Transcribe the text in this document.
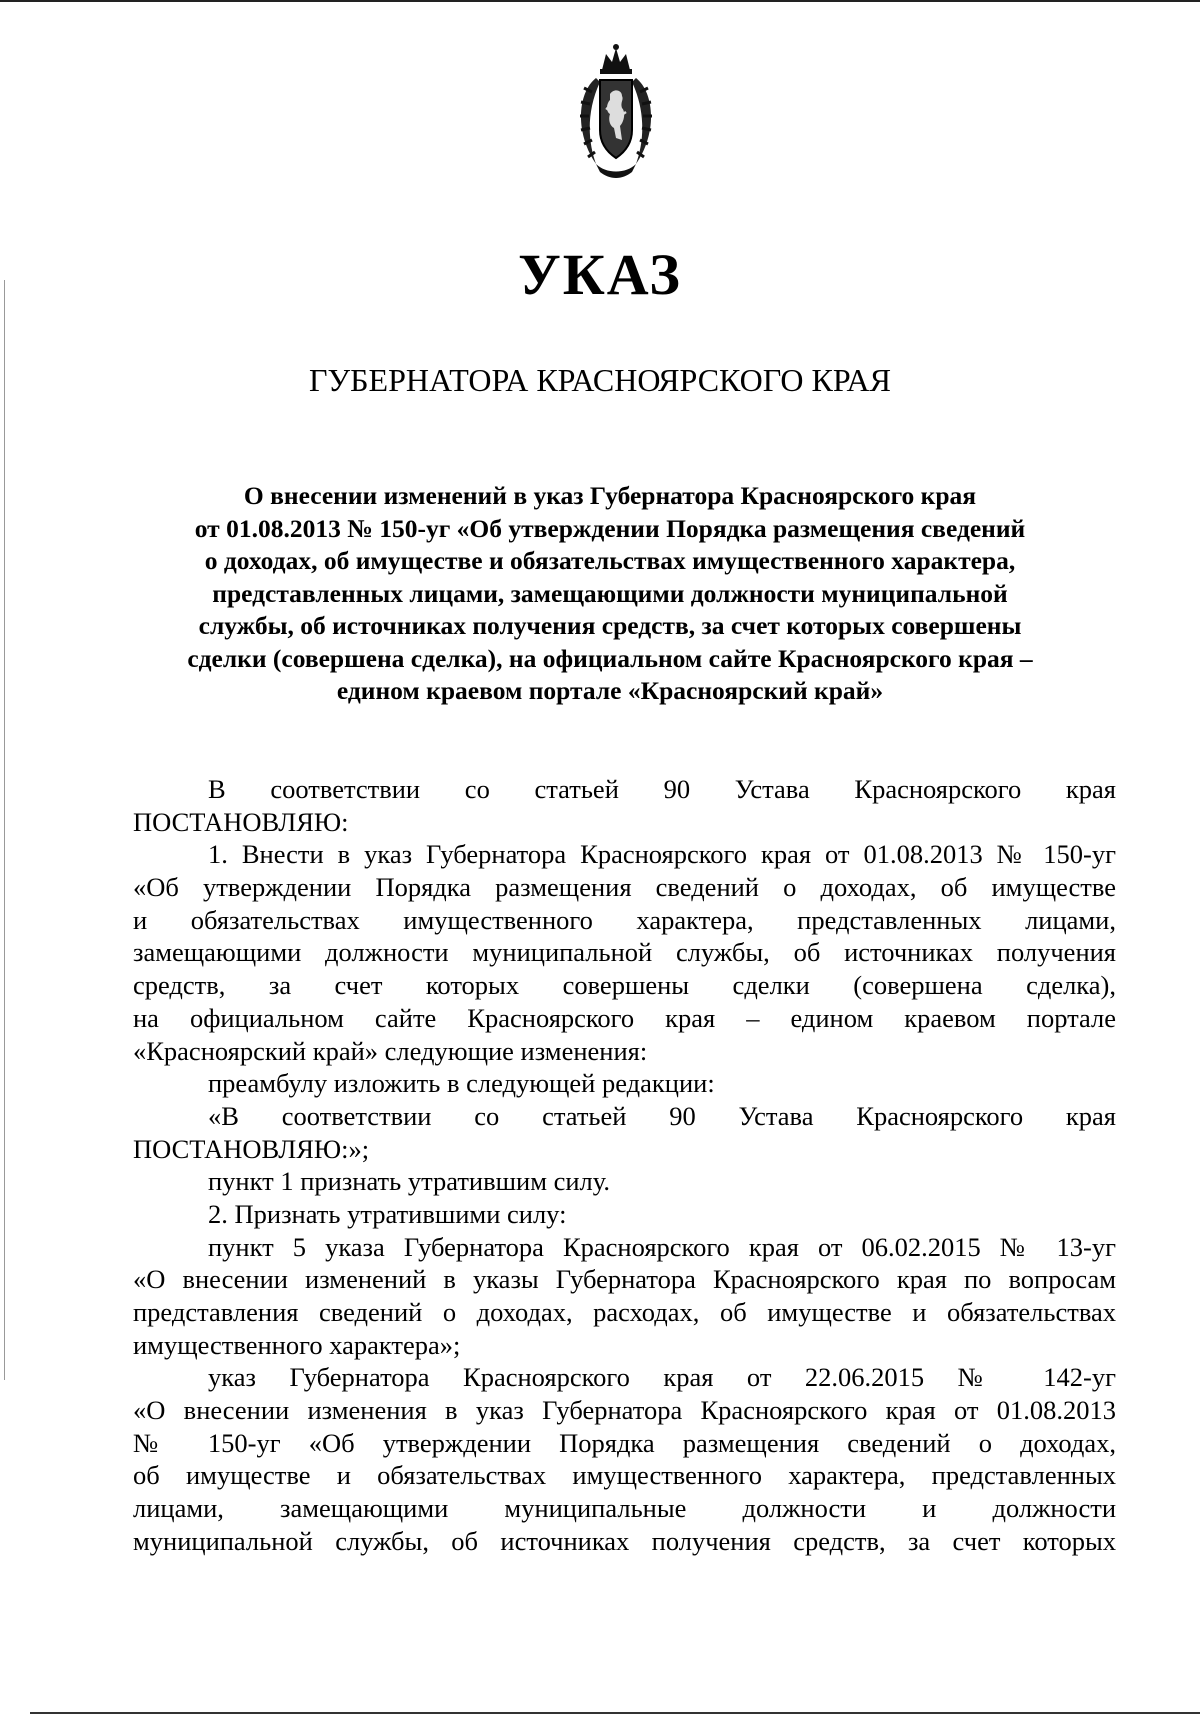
УКАЗ
ГУБЕРНАТОРА КРАСНОЯРСКОГО КРАЯ
О внесении изменений в указ Губернатора Красноярского края
от 01.08.2013 № 150-уг «Об утверждении Порядка размещения сведений
о доходах, об имуществе и обязательствах имущественного характера,
представленных лицами, замещающими должности муниципальной
службы, об источниках получения средств, за счет которых совершены
сделки (совершена сделка), на официальном сайте Красноярского края –
едином краевом портале «Красноярский край»
В соответствии со статьей 90 Устава Красноярского края
ПОСТАНОВЛЯЮ:
1. Внести в указ Губернатора Красноярского края от 01.08.2013 № 150-уг
«Об утверждении Порядка размещения сведений о доходах, об имуществе
и обязательствах имущественного характера, представленных лицами,
замещающими должности муниципальной службы, об источниках получения
средств, за счет которых совершены сделки (совершена сделка),
на официальном сайте Красноярского края – едином краевом портале
«Красноярский край» следующие изменения:
преамбулу изложить в следующей редакции:
«В соответствии со статьей 90 Устава Красноярского края
ПОСТАНОВЛЯЮ:»;
пункт 1 признать утратившим силу.
2. Признать утратившими силу:
пункт 5 указа Губернатора Красноярского края от 06.02.2015 № 13-уг
«О внесении изменений в указы Губернатора Красноярского края по вопросам
представления сведений о доходах, расходах, об имуществе и обязательствах
имущественного характера»;
указ Губернатора Красноярского края от 22.06.2015 № 142-уг
«О внесении изменения в указ Губернатора Красноярского края от 01.08.2013
№ 150-уг «Об утверждении Порядка размещения сведений о доходах,
об имуществе и обязательствах имущественного характера, представленных
лицами, замещающими муниципальные должности и должности
муниципальной службы, об источниках получения средств, за счет которых
